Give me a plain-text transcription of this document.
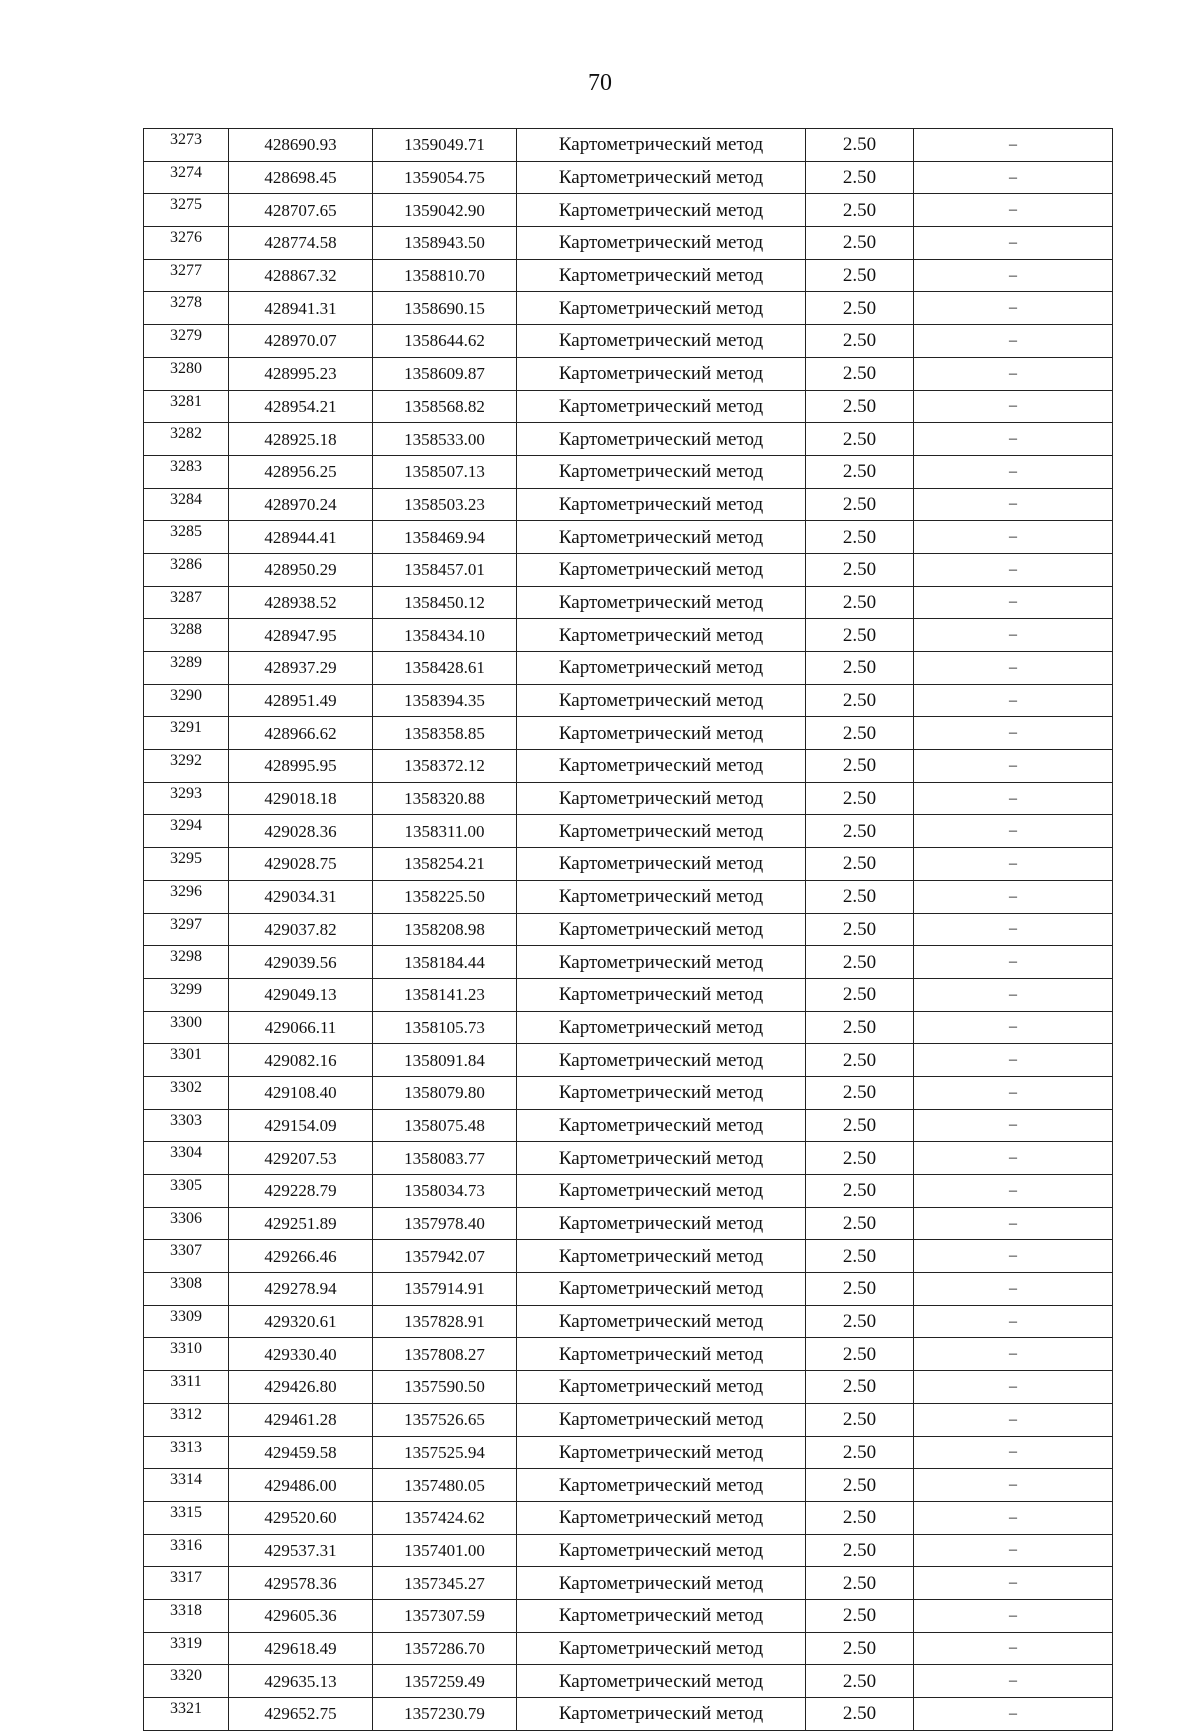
70
3273	428690.93	1359049.71	Картометрический метод	2.50	–
3274	428698.45	1359054.75	Картометрический метод	2.50	–
3275	428707.65	1359042.90	Картометрический метод	2.50	–
3276	428774.58	1358943.50	Картометрический метод	2.50	–
3277	428867.32	1358810.70	Картометрический метод	2.50	–
3278	428941.31	1358690.15	Картометрический метод	2.50	–
3279	428970.07	1358644.62	Картометрический метод	2.50	–
3280	428995.23	1358609.87	Картометрический метод	2.50	–
3281	428954.21	1358568.82	Картометрический метод	2.50	–
3282	428925.18	1358533.00	Картометрический метод	2.50	–
3283	428956.25	1358507.13	Картометрический метод	2.50	–
3284	428970.24	1358503.23	Картометрический метод	2.50	–
3285	428944.41	1358469.94	Картометрический метод	2.50	–
3286	428950.29	1358457.01	Картометрический метод	2.50	–
3287	428938.52	1358450.12	Картометрический метод	2.50	–
3288	428947.95	1358434.10	Картометрический метод	2.50	–
3289	428937.29	1358428.61	Картометрический метод	2.50	–
3290	428951.49	1358394.35	Картометрический метод	2.50	–
3291	428966.62	1358358.85	Картометрический метод	2.50	–
3292	428995.95	1358372.12	Картометрический метод	2.50	–
3293	429018.18	1358320.88	Картометрический метод	2.50	–
3294	429028.36	1358311.00	Картометрический метод	2.50	–
3295	429028.75	1358254.21	Картометрический метод	2.50	–
3296	429034.31	1358225.50	Картометрический метод	2.50	–
3297	429037.82	1358208.98	Картометрический метод	2.50	–
3298	429039.56	1358184.44	Картометрический метод	2.50	–
3299	429049.13	1358141.23	Картометрический метод	2.50	–
3300	429066.11	1358105.73	Картометрический метод	2.50	–
3301	429082.16	1358091.84	Картометрический метод	2.50	–
3302	429108.40	1358079.80	Картометрический метод	2.50	–
3303	429154.09	1358075.48	Картометрический метод	2.50	–
3304	429207.53	1358083.77	Картометрический метод	2.50	–
3305	429228.79	1358034.73	Картометрический метод	2.50	–
3306	429251.89	1357978.40	Картометрический метод	2.50	–
3307	429266.46	1357942.07	Картометрический метод	2.50	–
3308	429278.94	1357914.91	Картометрический метод	2.50	–
3309	429320.61	1357828.91	Картометрический метод	2.50	–
3310	429330.40	1357808.27	Картометрический метод	2.50	–
3311	429426.80	1357590.50	Картометрический метод	2.50	–
3312	429461.28	1357526.65	Картометрический метод	2.50	–
3313	429459.58	1357525.94	Картометрический метод	2.50	–
3314	429486.00	1357480.05	Картометрический метод	2.50	–
3315	429520.60	1357424.62	Картометрический метод	2.50	–
3316	429537.31	1357401.00	Картометрический метод	2.50	–
3317	429578.36	1357345.27	Картометрический метод	2.50	–
3318	429605.36	1357307.59	Картометрический метод	2.50	–
3319	429618.49	1357286.70	Картометрический метод	2.50	–
3320	429635.13	1357259.49	Картометрический метод	2.50	–
3321	429652.75	1357230.79	Картометрический метод	2.50	–
